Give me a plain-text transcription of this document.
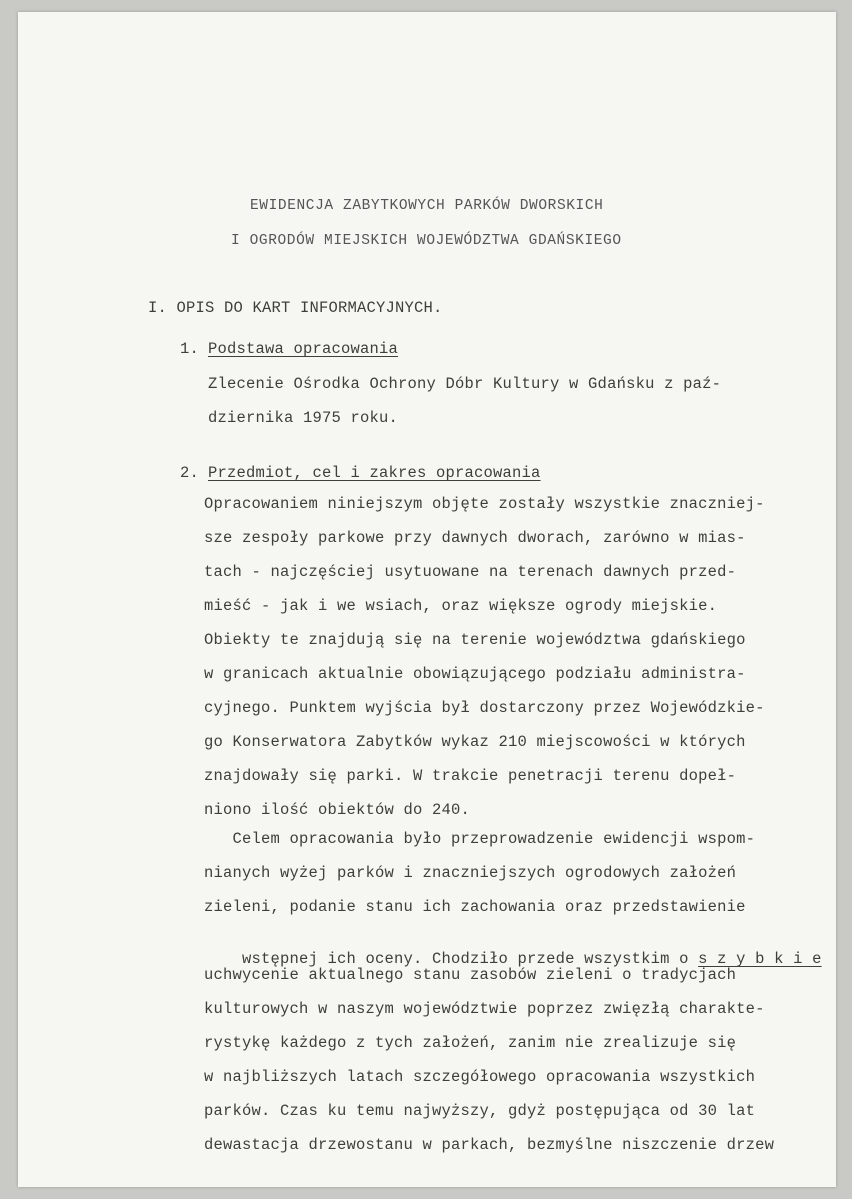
EWIDENCJA ZABYTKOWYCH PARKÓW DWORSKICH
I OGRODÓW MIEJSKICH WOJEWÓDZTWA GDAŃSKIEGO
I. OPIS DO KART INFORMACYJNYCH.
1. Podstawa opracowania
Zlecenie Ośrodka Ochrony Dóbr Kultury w Gdańsku z paź-
dziernika 1975 roku.
2. Przedmiot, cel i zakres opracowania
Opracowaniem niniejszym objęte zostały wszystkie znaczniej-
sze zespoły parkowe przy dawnych dworach, zarówno w mias-
tach - najczęściej usytuowane na terenach dawnych przed-
mieść - jak i we wsiach, oraz większe ogrody miejskie.
Obiekty te znajdują się na terenie województwa gdańskiego
w granicach aktualnie obowiązującego podziału administra-
cyjnego. Punktem wyjścia był dostarczony przez Wojewódzkie-
go Konserwatora Zabytków wykaz 210 miejscowości w których
znajdowały się parki. W trakcie penetracji terenu dopeł-
niono ilość obiektów do 240.
Celem opracowania było przeprowadzenie ewidencji wspom-
nianych wyżej parków i znaczniejszych ogrodowych założeń
zieleni, podanie stanu ich zachowania oraz przedstawienie

wstępnej ich oceny. Chodziło przede wszystkim o s z y b k i e

uchwycenie aktualnego stanu zasobów zieleni o tradycjach
kulturowych w naszym województwie poprzez zwięzłą charakte-
rystykę każdego z tych założeń, zanim nie zrealizuje się
w najbliższych latach szczegółowego opracowania wszystkich
parków. Czas ku temu najwyższy, gdyż postępująca od 30 lat
dewastacja drzewostanu w parkach, bezmyślne niszczenie drzew
